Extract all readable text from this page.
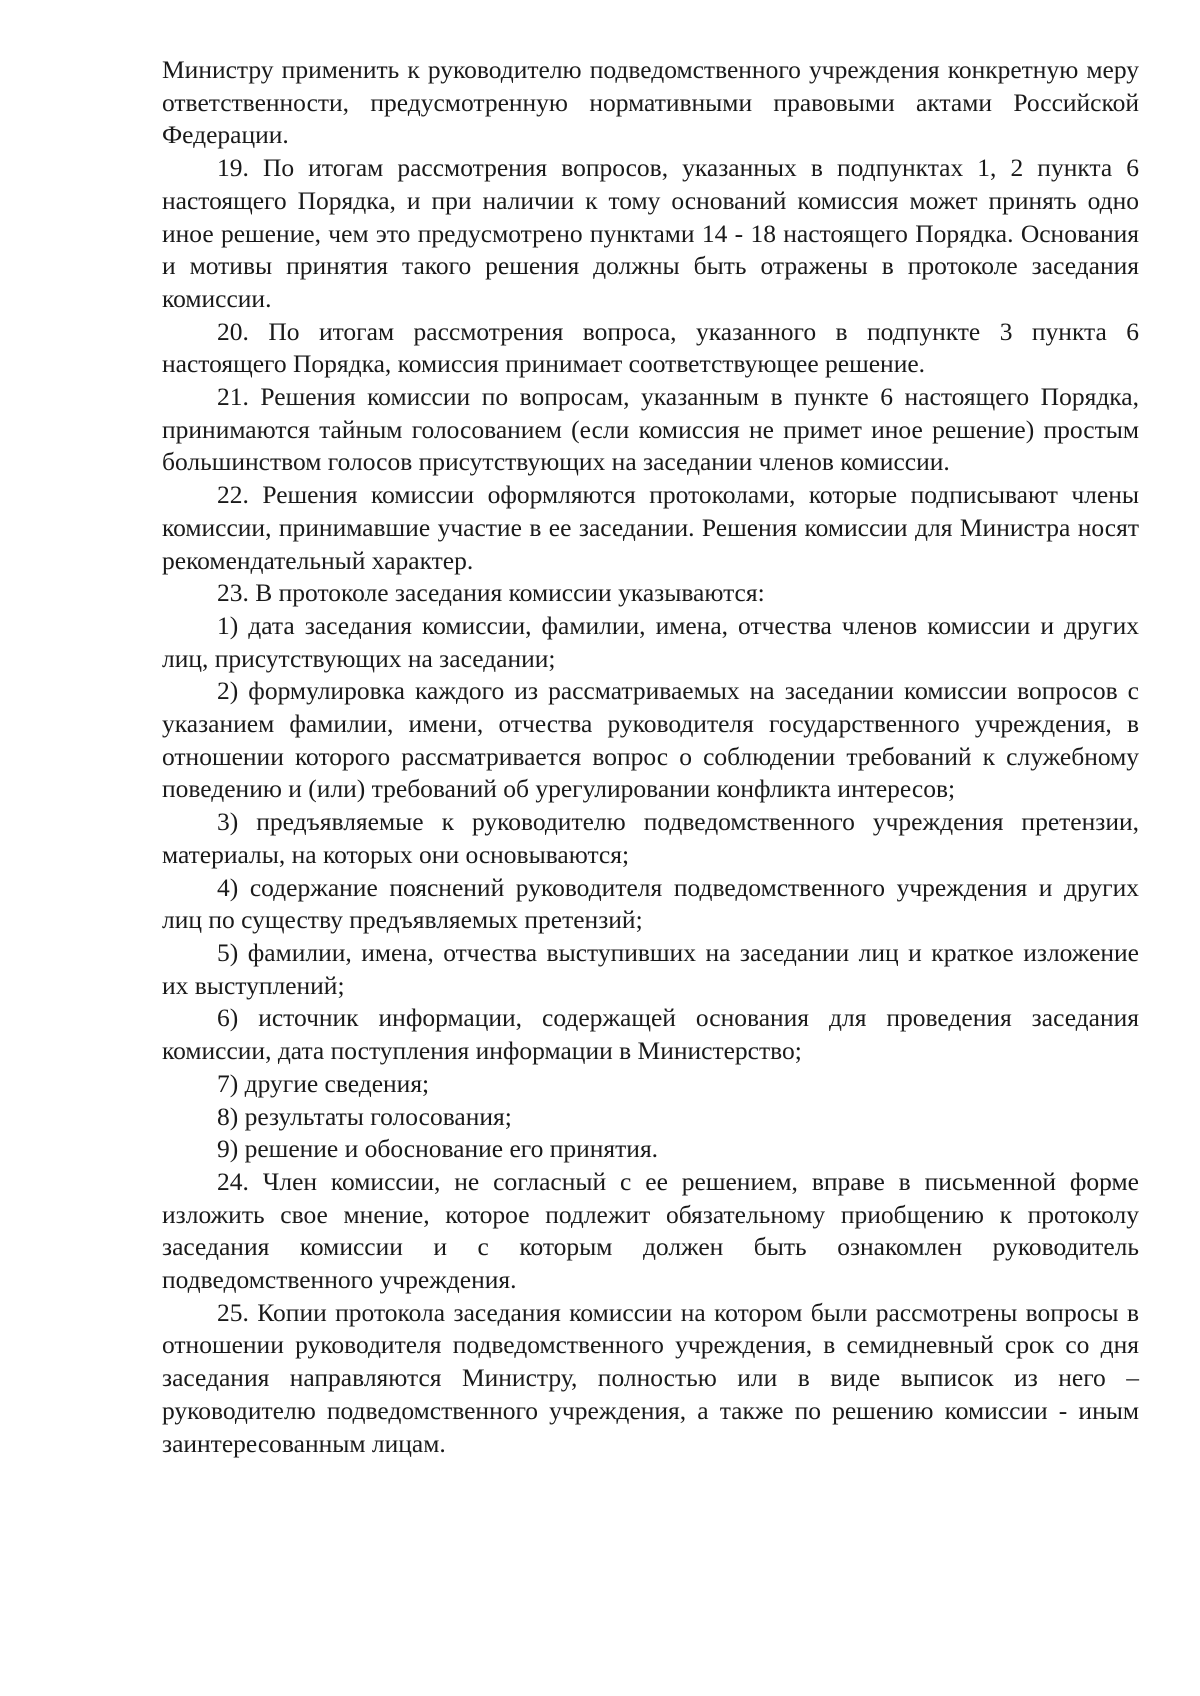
Министру применить к руководителю подведомственного учреждения конкретную меру ответственности, предусмотренную нормативными правовыми актами Российской Федерации.

19. По итогам рассмотрения вопросов, указанных в подпунктах 1, 2 пункта 6 настоящего Порядка, и при наличии к тому оснований комиссия может принять одно иное решение, чем это предусмотрено пунктами 14 - 18 настоящего Порядка. Основания и мотивы принятия такого решения должны быть отражены в протоколе заседания комиссии.

20. По итогам рассмотрения вопроса, указанного в подпункте 3 пункта 6 настоящего Порядка, комиссия принимает соответствующее решение.

21. Решения комиссии по вопросам, указанным в пункте 6 настоящего Порядка, принимаются тайным голосованием (если комиссия не примет иное решение) простым большинством голосов присутствующих на заседании членов комиссии.

22. Решения комиссии оформляются протоколами, которые подписывают члены комиссии, принимавшие участие в ее заседании. Решения комиссии для Министра носят рекомендательный характер.

23. В протоколе заседания комиссии указываются:

1) дата заседания комиссии, фамилии, имена, отчества членов комиссии и других лиц, присутствующих на заседании;

2) формулировка каждого из рассматриваемых на заседании комиссии вопросов с указанием фамилии, имени, отчества руководителя государственного учреждения, в отношении которого рассматривается вопрос о соблюдении требований к служебному поведению и (или) требований об урегулировании конфликта интересов;

3) предъявляемые к руководителю подведомственного учреждения претензии, материалы, на которых они основываются;

4) содержание пояснений руководителя подведомственного учреждения и других лиц по существу предъявляемых претензий;

5) фамилии, имена, отчества выступивших на заседании лиц и краткое изложение их выступлений;

6) источник информации, содержащей основания для проведения заседания комиссии, дата поступления информации в Министерство;

7) другие сведения;

8) результаты голосования;

9) решение и обоснование его принятия.

24. Член комиссии, не согласный с ее решением, вправе в письменной форме изложить свое мнение, которое подлежит обязательному приобщению к протоколу заседания комиссии и с которым должен быть ознакомлен руководитель подведомственного учреждения.

25. Копии протокола заседания комиссии на котором были рассмотрены вопросы в отношении руководителя подведомственного учреждения, в семидневный срок со дня заседания направляются Министру, полностью или в виде выписок из него – руководителю подведомственного учреждения, а также по решению комиссии - иным заинтересованным лицам.
